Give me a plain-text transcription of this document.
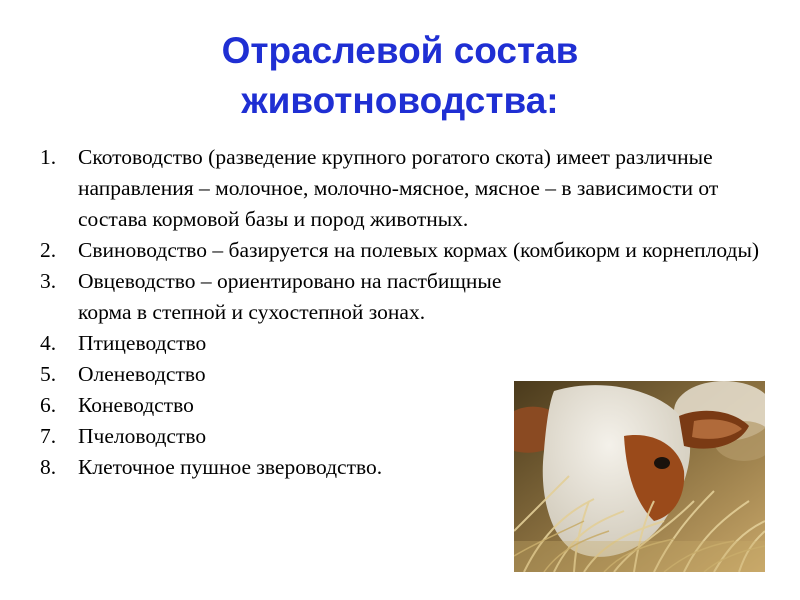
Отраслевой состав
животноводства:
1. Скотоводство (разведение крупного рогатого скота) имеет различные направления – молочное, молочно-мясное, мясное – в зависимости от состава кормовой базы и пород животных.
2. Свиноводство – базируется на полевых кормах (комбикорм и корнеплоды)
3. Овцеводство – ориентировано на пастбищные корма в степной и сухостепной зонах.
4. Птицеводство
5. Оленеводство
6. Коневодство
7. Пчеловодство
8. Клеточное пушное звероводство.
